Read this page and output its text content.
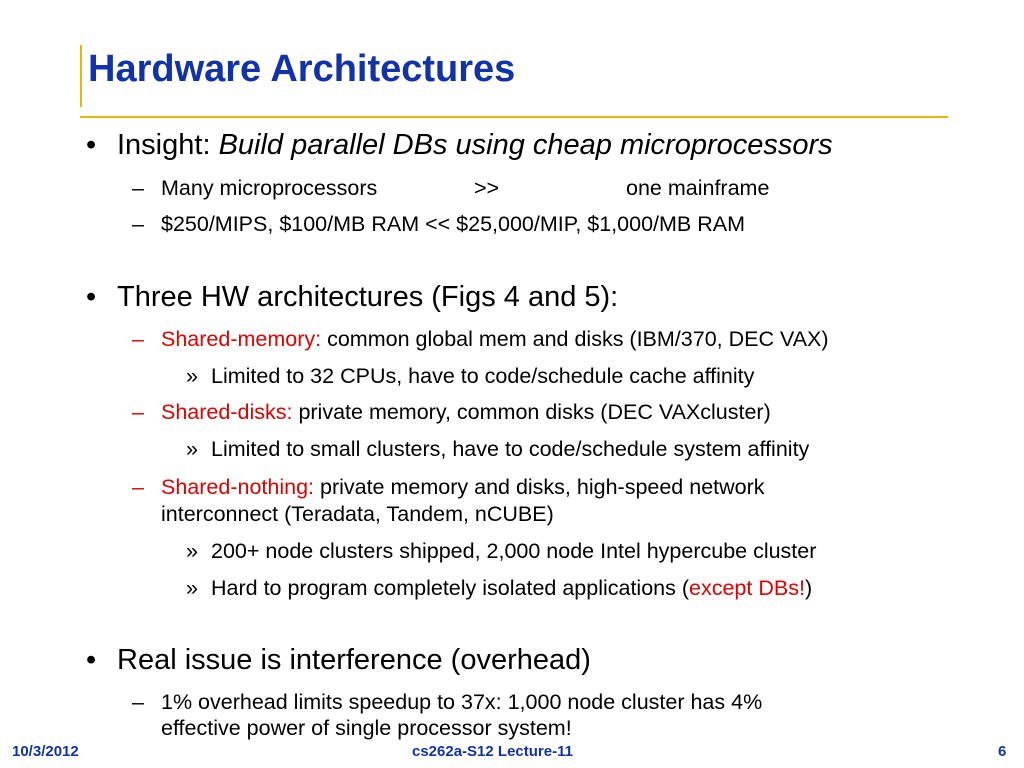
Hardware Architectures
• Insight: Build parallel DBs using cheap microprocessors
– Many microprocessors	>>	one mainframe
– $250/MIPS, $100/MB RAM << $25,000/MIP, $1,000/MB RAM
• Three HW architectures (Figs 4 and 5):
– Shared-memory: common global mem and disks (IBM/370, DEC VAX)
» Limited to 32 CPUs, have to code/schedule cache affinity
– Shared-disks: private memory, common disks (DEC VAXcluster)
» Limited to small clusters, have to code/schedule system affinity
– Shared-nothing: private memory and disks, high-speed network
interconnect (Teradata, Tandem, nCUBE)
» 200+ node clusters shipped, 2,000 node Intel hypercube cluster
» Hard to program completely isolated applications (except DBs!)
• Real issue is interference (overhead)
– 1% overhead limits speedup to 37x: 1,000 node cluster has 4%
effective power of single processor system!
10/3/2012	cs262a-S12 Lecture-11	6
